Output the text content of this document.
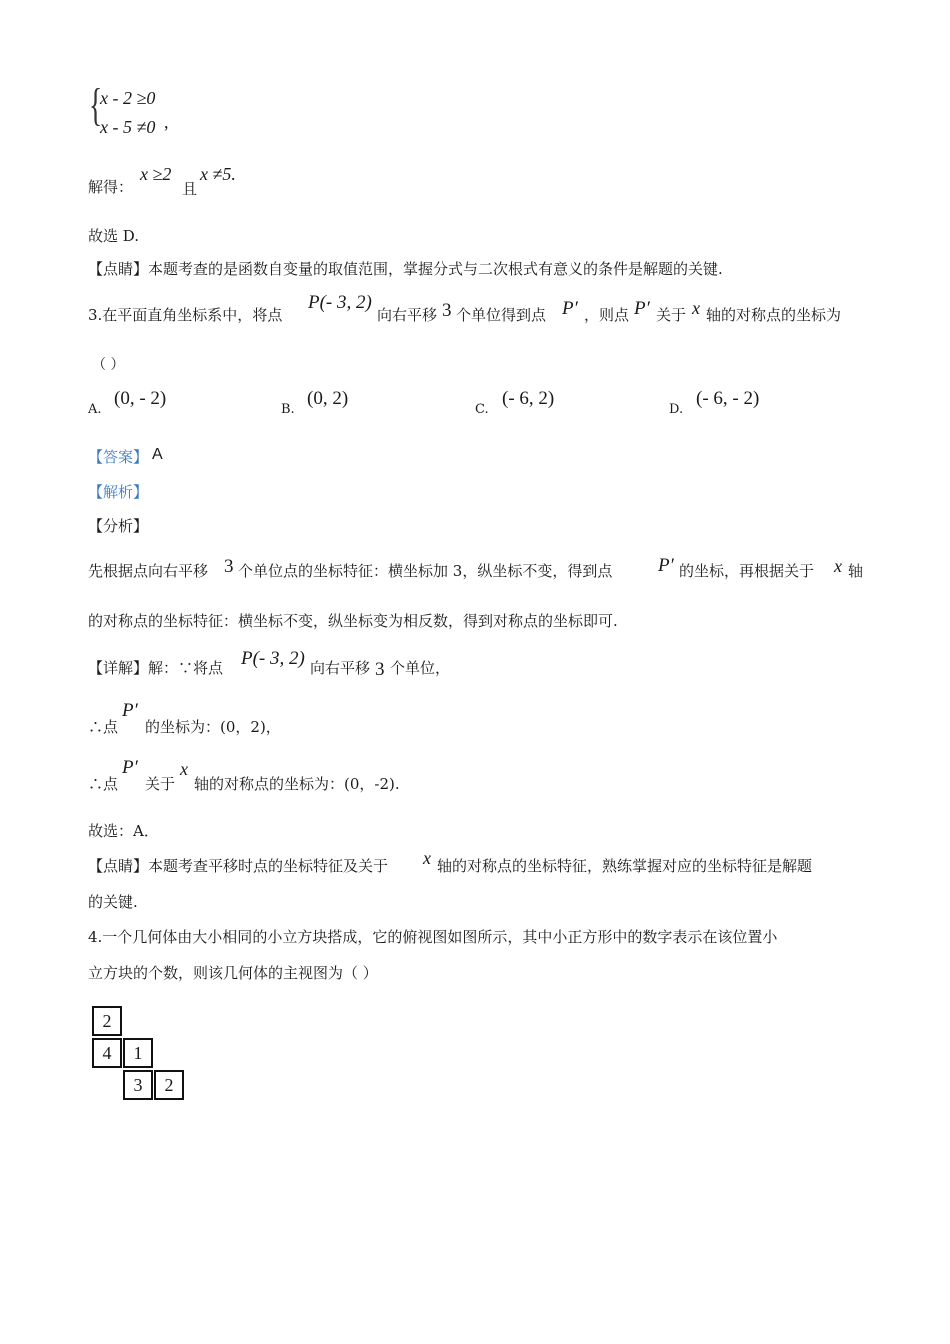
{
x - 2 ≥0
x - 5 ≠0 ,
解得：
x ≥2
且
x ≠5.
故选 D.
【点睛】本题考查的是函数自变量的取值范围，掌握分式与二次根式有意义的条件是解题的关键.
3.在平面直角坐标系中，将点
P(- 3, 2)
向右平移 3 个单位得到点 P′ ，则点 P′ 关于 x 轴的对称点的坐标为
（ ）
A.
(0, - 2)
B.
(0, 2)
C.
(- 6, 2)
D.
(- 6, - 2)
【答案】 A
【解析】
【分析】
先根据点向右平移 3 个单位点的坐标特征：横坐标加 3，纵坐标不变，得到点 P′ 的坐标，再根据关于 x 轴
的对称点的坐标特征：横坐标不变，纵坐标变为相反数，得到对称点的坐标即可.
【详解】解：∵将点 P(- 3, 2) 向右平移 3 个单位，
∴点
P′
的坐标为：(0，2)，
∴点
P′
关于
x
轴的对称点的坐标为：(0，-2).
故选：A．
【点睛】本题考查平移时点的坐标特征及关于 x 轴的对称点的坐标特征，熟练掌握对应的坐标特征是解题
的关键.
4.一个几何体由大小相同的小立方块搭成，它的俯视图如图所示，其中小正方形中的数字表示在该位置小
立方块的个数，则该几何体的主视图为（ ）
2
4	1
3	2
